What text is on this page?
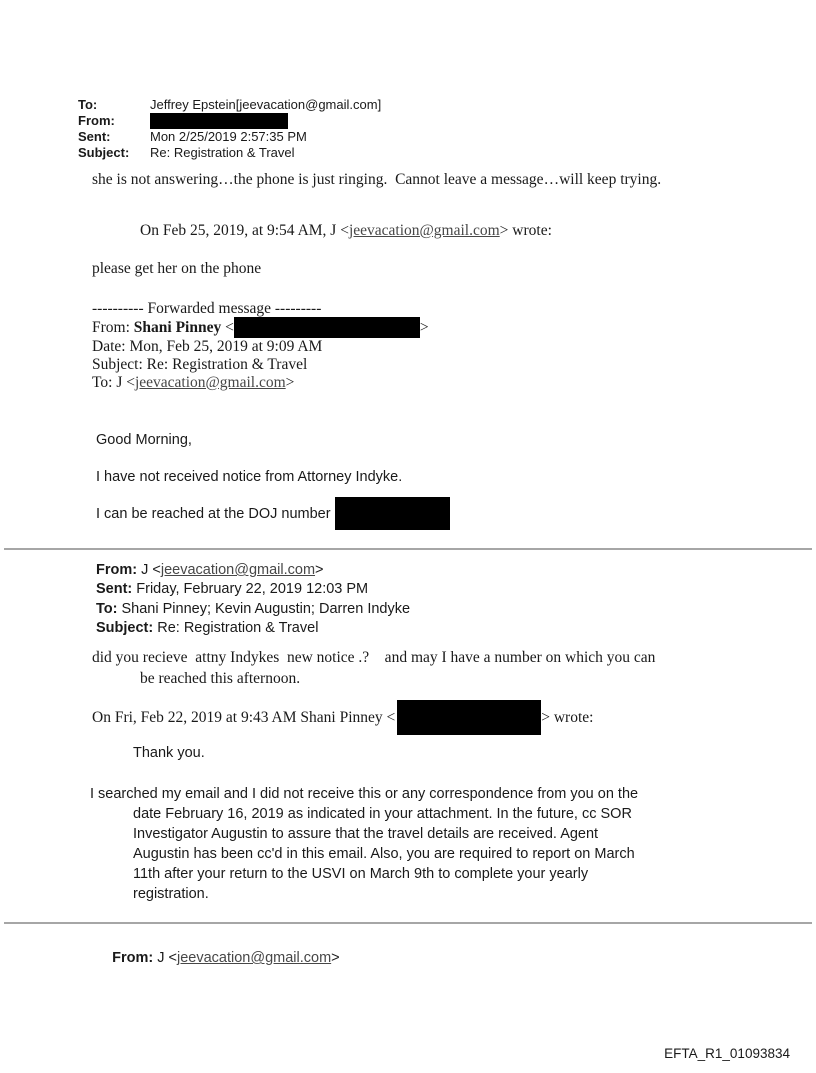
To:	Jeffrey Epstein[jeevacation@gmail.com]
From:
Sent:	Mon 2/25/2019 2:57:35 PM
Subject:	Re: Registration & Travel
she is not answering…the phone is just ringing.  Cannot leave a message…will keep trying.
On Feb 25, 2019, at 9:54 AM, J <jeevacation@gmail.com> wrote:
please get her on the phone
---------- Forwarded message ---------
From: Shani Pinney <	>
Date: Mon, Feb 25, 2019 at 9:09 AM
Subject: Re: Registration & Travel
To: J <jeevacation@gmail.com>
Good Morning,
I have not received notice from Attorney Indyke.
I can be reached at the DOJ number
From: J <jeevacation@gmail.com>
Sent: Friday, February 22, 2019 12:03 PM
To: Shani Pinney; Kevin Augustin; Darren Indyke
Subject: Re: Registration & Travel
did you recieve  attny Indykes  new notice .?    and may I have a number on which you can
be reached this afternoon.
On Fri, Feb 22, 2019 at 9:43 AM Shani Pinney <	> wrote:
Thank you.
I searched my email and I did not receive this or any correspondence from you on the
date February 16, 2019 as indicated in your attachment. In the future, cc SOR
Investigator Augustin to assure that the travel details are received. Agent
Augustin has been cc'd in this email. Also, you are required to report on March
11th after your return to the USVI on March 9th to complete your yearly
registration.

From: J <jeevacation@gmail.com>

EFTA_R1_01093834
